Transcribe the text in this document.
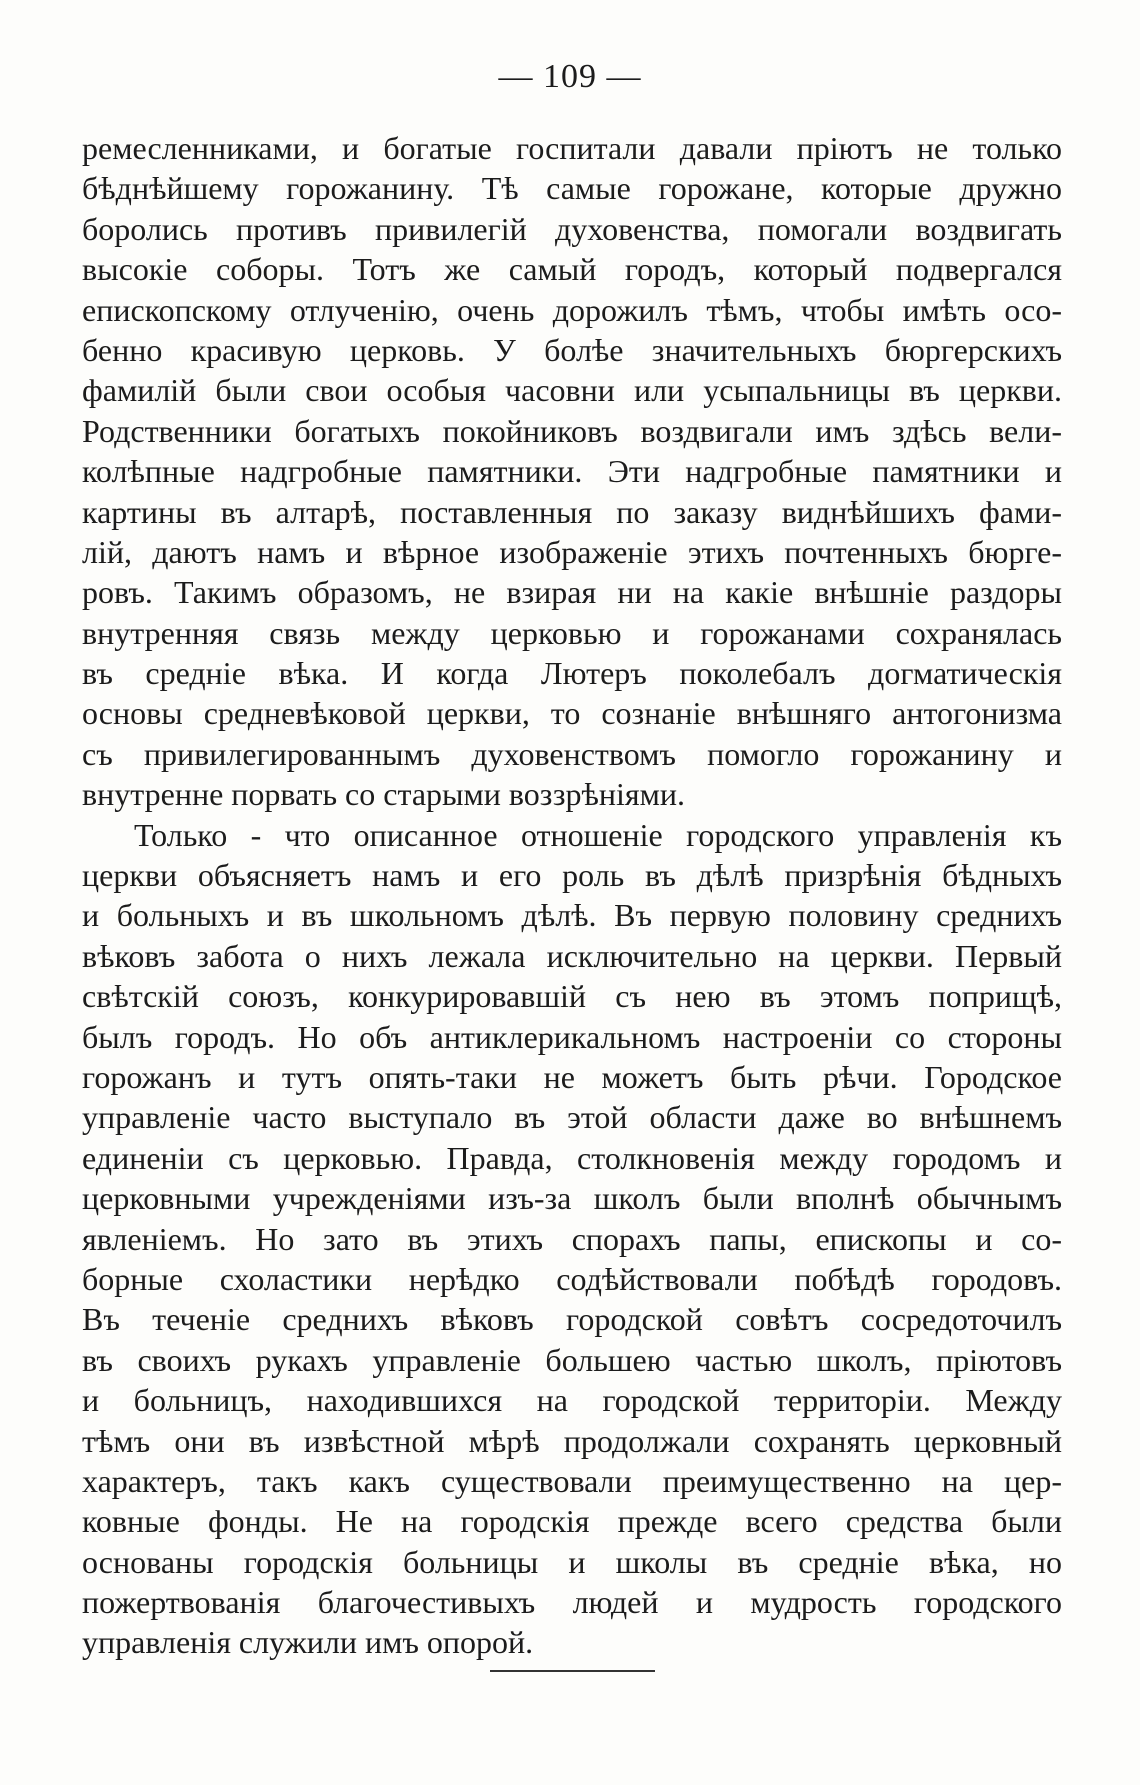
— 109 —
ремесленниками, и богатые госпитали давали пріютъ не только
бѣднѣйшему горожанину. Тѣ самые горожане, которые дружно
боролись противъ привилегій духовенства, помогали воздвигать
высокіе соборы. Тотъ же самый городъ, который подвергался
епископскому отлученію, очень дорожилъ тѣмъ, чтобы имѣть осо-
бенно красивую церковь. У болѣе значительныхъ бюргерскихъ
фамилій были свои особыя часовни или усыпальницы въ церкви.
Родственники богатыхъ покойниковъ воздвигали имъ здѣсь вели-
колѣпные надгробные памятники. Эти надгробные памятники и
картины въ алтарѣ, поставленныя по заказу виднѣйшихъ фами-
лій, даютъ намъ и вѣрное изображеніе этихъ почтенныхъ бюрге-
ровъ. Такимъ образомъ, не взирая ни на какіе внѣшніе раздоры
внутренняя связь между церковью и горожанами сохранялась
въ средніе вѣка. И когда Лютеръ поколебалъ догматическія
основы средневѣковой церкви, то сознаніе внѣшняго антогонизма
съ привилегированнымъ духовенствомъ помогло горожанину и
внутренне порвать со старыми воззрѣніями.
Только - что описанное отношеніе городского управленія къ
церкви объясняетъ намъ и его роль въ дѣлѣ призрѣнія бѣдныхъ
и больныхъ и въ школьномъ дѣлѣ. Въ первую половину среднихъ
вѣковъ забота о нихъ лежала исключительно на церкви. Первый
свѣтскій союзъ, конкурировавшій съ нею въ этомъ поприщѣ,
былъ городъ. Но объ антиклерикальномъ настроеніи со стороны
горожанъ и тутъ опять-таки не можетъ быть рѣчи. Городское
управленіе часто выступало въ этой области даже во внѣшнемъ
единеніи съ церковью. Правда, столкновенія между городомъ и
церковными учрежденіями изъ-за школъ были вполнѣ обычнымъ
явленіемъ. Но зато въ этихъ спорахъ папы, епископы и со-
борные схоластики нерѣдко содѣйствовали побѣдѣ городовъ.
Въ теченіе среднихъ вѣковъ городской совѣтъ сосредоточилъ
въ своихъ рукахъ управленіе большею частью школъ, пріютовъ
и больницъ, находившихся на городской территоріи. Между
тѣмъ они въ извѣстной мѣрѣ продолжали сохранять церковный
характеръ, такъ какъ существовали преимущественно на цер-
ковные фонды. Не на городскія прежде всего средства были
основаны городскія больницы и школы въ средніе вѣка, но
пожертвованія благочестивыхъ людей и мудрость городского
управленія служили имъ опорой.
